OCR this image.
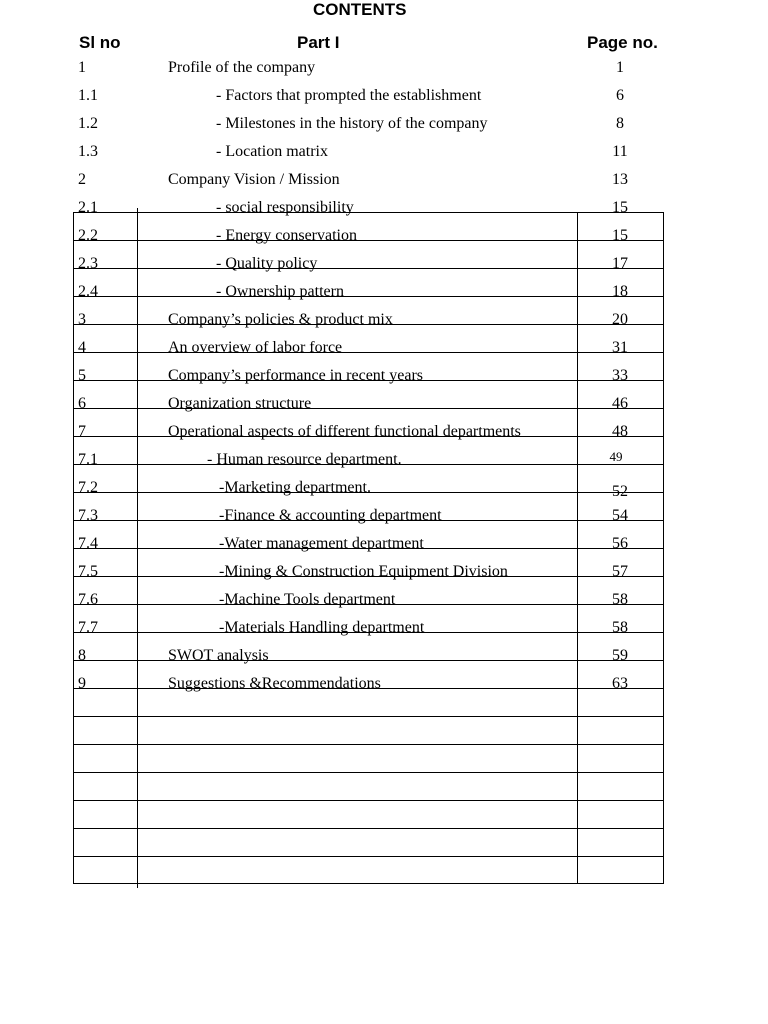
CONTENTS
Sl no	Part I	Page no.
1	Profile of the company	1
1.1	- Factors that prompted the establishment	6
1.2	- Milestones in the history of the company	8
1.3	- Location matrix	11
2	Company Vision / Mission	13
2.1	- social responsibility	15
2.2	- Energy conservation	15
2.3	- Quality policy	17
2.4	- Ownership pattern	18
3	Company’s policies & product mix	20
4	An overview of labor force	31
5	Company’s performance in recent years	33
6	Organization structure	46
7	Operational aspects of different functional departments	48
7.1	- Human resource department.	49
7.2	-Marketing department.	52
7.3	-Finance & accounting department	54
7.4	-Water management department	56
7.5	-Mining & Construction Equipment Division	57
7.6	-Machine Tools department	58
7.7	-Materials Handling department	58
8	SWOT analysis	59
9	Suggestions &Recommendations	63
